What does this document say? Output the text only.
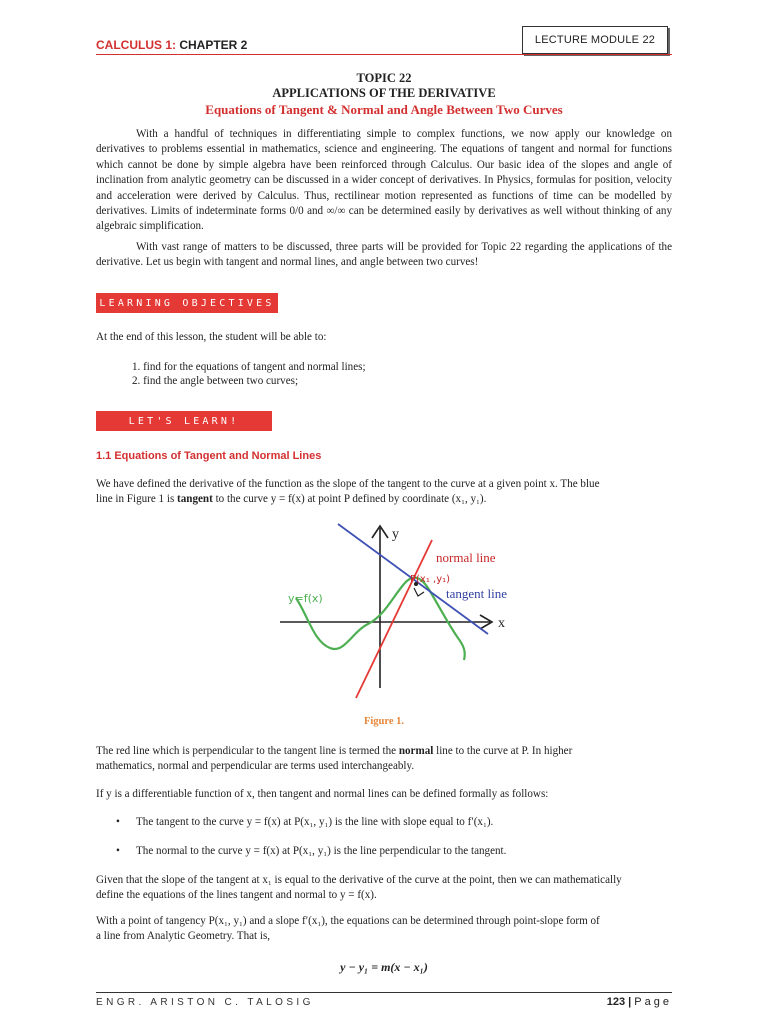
CALCULUS 1: CHAPTER 2	LECTURE MODULE 22
TOPIC 22
APPLICATIONS OF THE DERIVATIVE
Equations of Tangent & Normal and Angle Between Two Curves

With a handful of techniques in differentiating simple to complex functions, we now apply our knowledge on derivatives to problems essential in mathematics, science and engineering. The equations of tangent and normal for functions which cannot be done by simple algebra have been reinforced through Calculus. Our basic idea of the slopes and angle of inclination from analytic geometry can be discussed in a wider concept of derivatives. In Physics, formulas for position, velocity and acceleration were derived by Calculus. Thus, rectilinear motion represented as functions of time can be modelled by derivatives. Limits of indeterminate forms 0/0 and ∞/∞ can be determined easily by derivatives as well without thinking of any algebraic simplification.

With vast range of matters to be discussed, three parts will be provided for Topic 22 regarding the applications of the derivative. Let us begin with tangent and normal lines, and angle between two curves!

LEARNING OBJECTIVES

At the end of this lesson, the student will be able to:

1. find for the equations of tangent and normal lines;
2. find the angle between two curves;
LET'S LEARN!
1.1 Equations of Tangent and Normal Lines

We have defined the derivative of the function as the slope of the tangent to the curve at a given point x. The blue
line in Figure 1 is tangent to the curve y = f(x) at point P defined by coordinate (x₁, y₁).

y
x
y=f(x)
normal line
tangent line
P(x₁ ,y₁)
Figure 1.

The red line which is perpendicular to the tangent line is termed the normal line to the curve at P. In higher
mathematics, normal and perpendicular are terms used interchangeably.

If y is a differentiable function of x, then tangent and normal lines can be defined formally as follows:

• The tangent to the curve y = f(x) at P(x₁, y₁) is the line with slope equal to f′(x₁).
• The normal to the curve y = f(x) at P(x₁, y₁) is the line perpendicular to the tangent.

Given that the slope of the tangent at x₁ is equal to the derivative of the curve at the point, then we can mathematically
define the equations of the lines tangent and normal to y = f(x).

With a point of tangency P(x₁, y₁) and a slope f′(x₁), the equations can be determined through point-slope form of
a line from Analytic Geometry. That is,

y − y₁ = m(x − x₁)
ENGR. ARISTON C. TALOSIG	123 | Page
